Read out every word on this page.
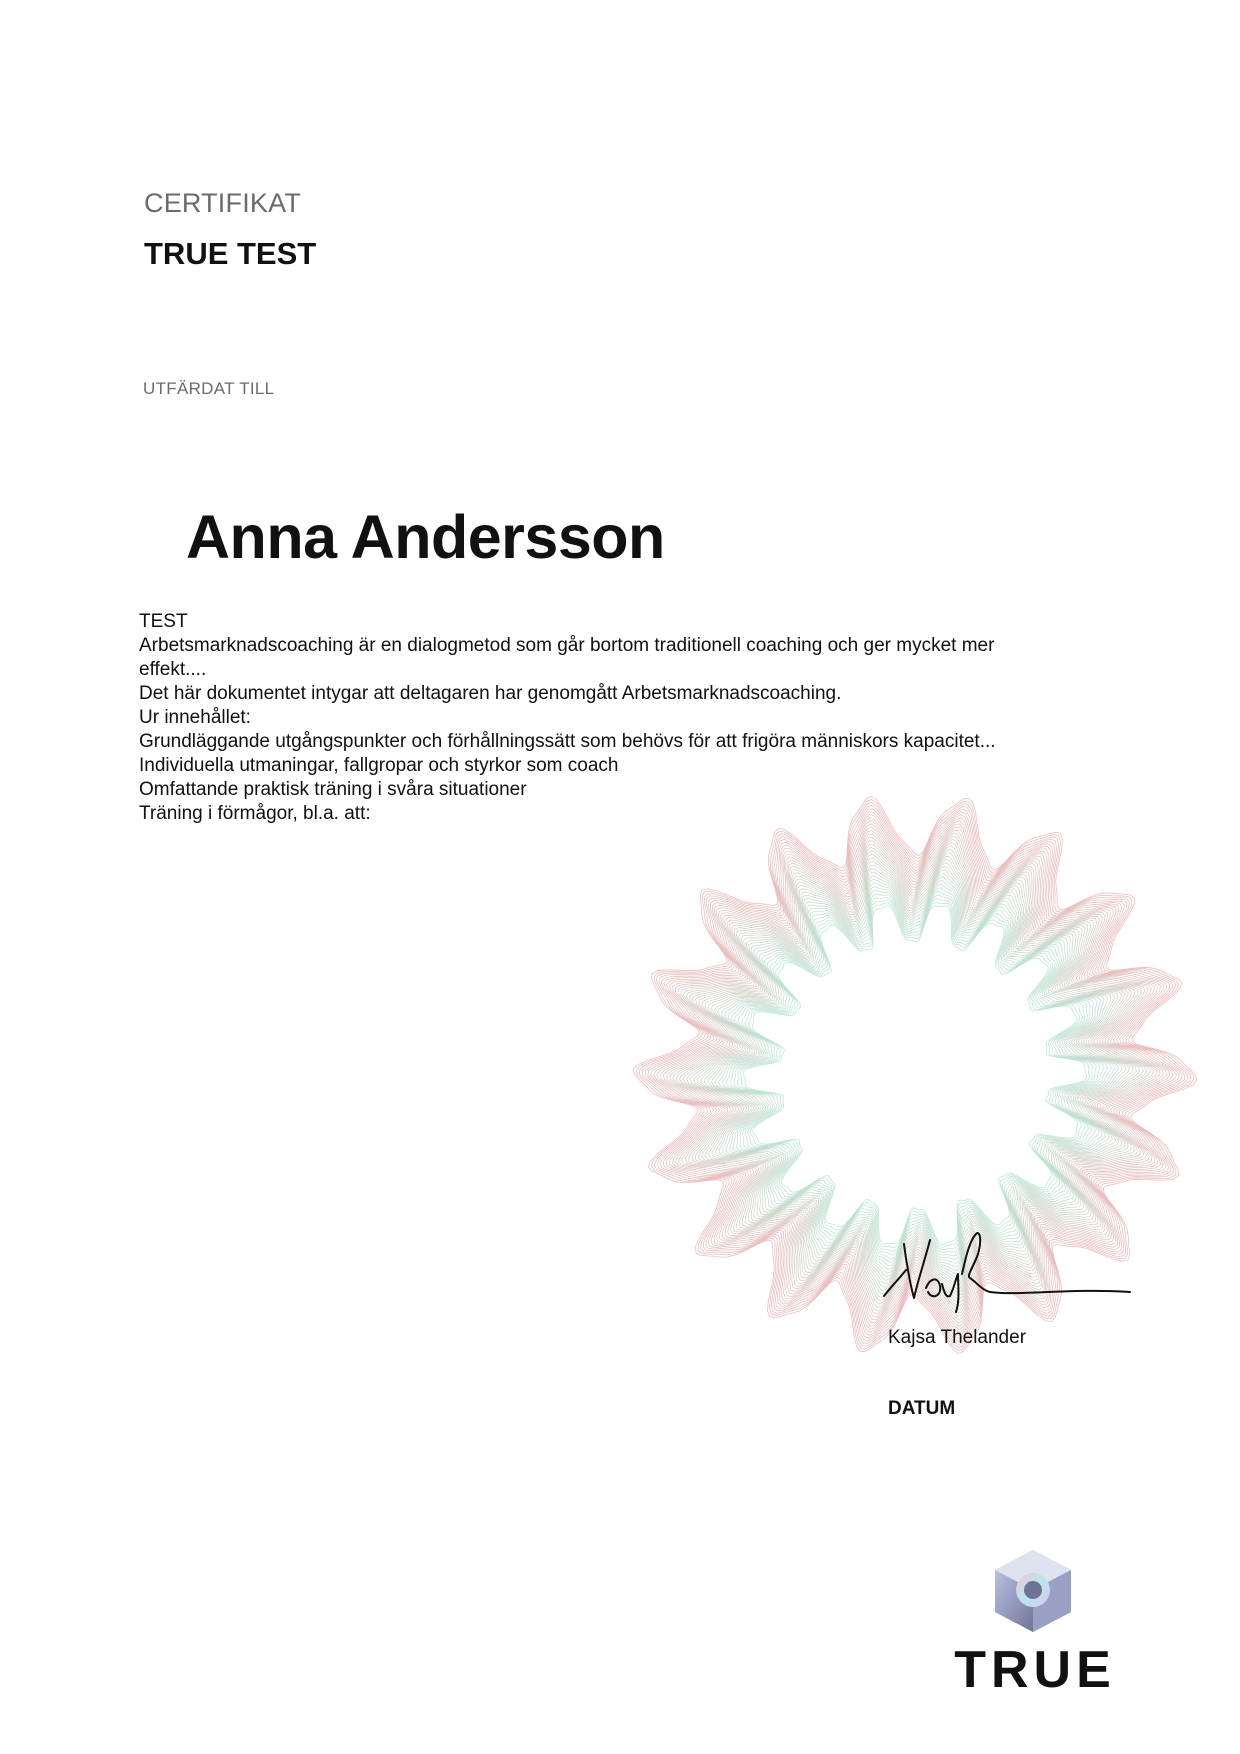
CERTIFIKAT
TRUE TEST
UTFÄRDAT TILL
Anna Andersson
TEST
Arbetsmarknadscoaching är en dialogmetod som går bortom traditionell coaching och ger mycket mer
effekt....
Det här dokumentet intygar att deltagaren har genomgått Arbetsmarknadscoaching.
Ur innehållet:
Grundläggande utgångspunkter och förhållningssätt som behövs för att frigöra människors kapacitet...
Individuella utmaningar, fallgropar och styrkor som coach
Omfattande praktisk träning i svåra situationer
Träning i förmågor, bl.a. att:
Kajsa Thelander
DATUM
TRUE
